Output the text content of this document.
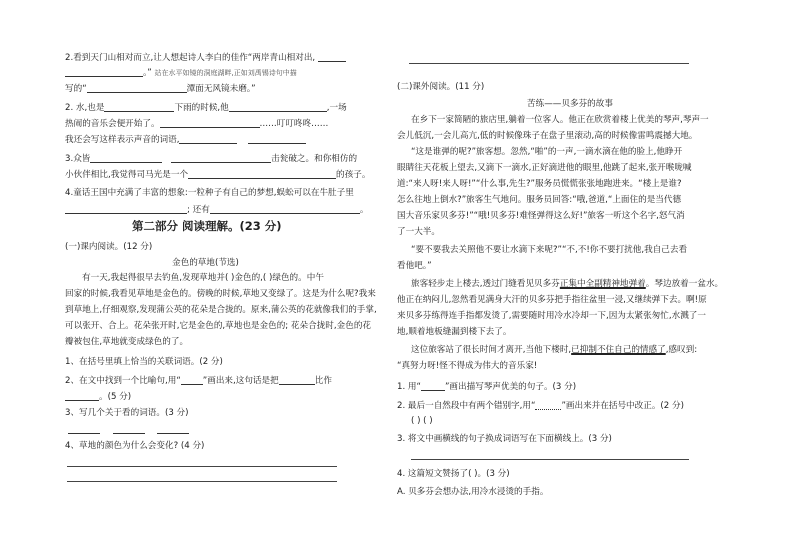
2.看到天门山相对而立,让人想起诗人李白的佳作“两岸青山相对出,
。” 站在水平如镜的洞庭湖畔,正如刘禹锡诗句中描
写的“	潭面无风镜未磨。”
2. 水,也是	下雨的时候,他	,一场
热闹的音乐会便开始了。	……叮叮咚咚……
我还会写这样表示声音的词语,
3.众皆	击瓮破之。和你相仿的
小伙伴相比,我觉得司马光是一个	的孩子。
4.童话王国中充满了丰富的想象:一粒种子有自己的梦想,蜈蚣可以在牛肚子里
; 还有	。
第二部分 阅读理解。(23 分)
(一)课内阅读。(12 分)
金色的草地(节选)
有一天,我起得很早去钓鱼,发现草地并( )金色的,( )绿色的。中午
回家的时候,我看见草地是金色的。傍晚的时候,草地又变绿了。这是为什么呢?我来
到草地上,仔细观察,发现蒲公英的花朵是合拢的。原来,蒲公英的花就像我们的手掌,
可以张开、合上。花朵张开时,它是金色的,草地也是金色的; 花朵合拢时,金色的花
瓣被包住,草地就变成绿色的了。
1、在括号里填上恰当的关联词语。(2 分)
2、在文中找到一个比喻句,用“	”画出来,这句话是把	比作
。(5 分)
3、写几个关于看的词语。(3 分)

4、草地的颜色为什么会变化? (4 分)
(二)课外阅读。(11 分)
苦练——贝多芬的故事
在乡下一家简陋的旅店里,躺着一位客人。他正在欣赏着楼上优美的琴声,琴声一
会儿低沉,一会儿高亢,低的时候像珠子在盘子里滚动,高的时候像雷鸣震撼大地。
“这是谁弹的呢?”旅客想。忽然,“啪”的一声,一滴水滴在他的脸上,他睁开
眼睛往天花板上望去,又滴下一滴水,正好滴进他的眼里,他跳了起来,张开喉咙喊
道:“来人呀!来人呀!”“什么事,先生?”服务员慌慌张张地跑进来。“楼上是谁?
怎么往地上倒水?”旅客生气地问。服务员回答:“哦,爸道,“上面住的是当代德
国大音乐家贝多芬!”“哦!贝多芬!难怪弹得这么好!”旅客一听这个名字,怒气消
了一大半。
“要不要我去关照他不要让水滴下来呢?”“不,不!你不要打扰他,我自己去看
看他吧。”
旅客轻步走上楼去,透过门缝看见贝多芬正集中全副精神地弹着。琴边放着一盆水。
他正在纳闷儿,忽然看见满身大汗的贝多芬把手指往盆里一浸,又继续弹下去。啊!原
来贝多芬练得连手指都发烫了,需要随时用冷水冷却一下,因为太紧张匆忙,水溅了一
地,顺着地板缝漏到楼下去了。
这位旅客站了很长时间才离开,当他下楼时,已抑制不住自己的情感了,感叹到:
“真努力呀!怪不得成为伟大的音乐家!
1. 用“	”画出描写琴声优美的句子。(3 分)
2. 最后一自然段中有两个错别字,用“	”画出来并在括号中改正。(2 分)
( ) ( )
3. 将文中画横线的句子换成词语写在下面横线上。(3 分)
4. 这篇短文赞扬了( )。(3 分)
A. 贝多芬会想办法,用冷水浸烫的手指。
